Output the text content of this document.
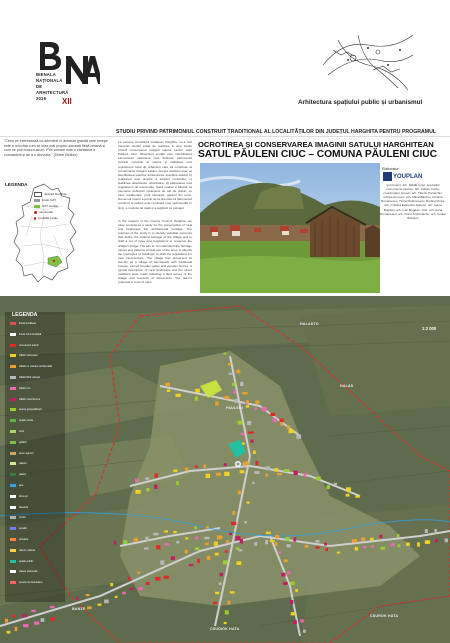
BIENALA
NAȚIONALĂ
DE
ARHITECTURĂ
2016	XII	Arhitectura spațiului public și urbanismul
STUDIU PRIVIND PATRIMONIUL CONSTRUIT TRADITIONAL AL LOCALITĂȚILOR DIN JUDEȚUL HARGHITA PENTRU PROGRAMUL
"Ceea ce interesează cu-adevărat în aceasta grandă care începe este a reînvăța cum se crea mai propriu această ființă umană și cum ne poți bucura acum. Prin urmare este o chestiune a cunoașterii și de a o dezvolta." (Dieter Bellido)
LEGENDA
Județul Harghita
limite UAT
UAT studiat
sat studiat
localități rurale
La cererea Consiliului Județean Harghita, ne-a fost transmis studiul inițial de realizare a unui studiu privind conservarea imaginii satelor pentru satul Păuleni Ciuc. Obiectivul lucrării este identificarea elementelor valoroase care definesc patrimoniul cultural construit al satului și stabilirea unui regulament local de urbanism care să contribuie la conservarea imaginii satului. Scopul studiului este: a) identificarea valorilor arhitecturale specifice satului; b) realizarea unei analize a siturilor construite; c) stabilirea obiectivelor urbanistice; d) elaborarea unui regulament de intervenție. Satul studiat a păstrat ca elemente definitorii caracterul de sat de plaiuri, cu case tradiționale, porți secuiești, garduri din lemn. Demersul nostru a pornit de la premisa că patrimoniul construit al satului este rezultatul unei sedimentări în timp, a modului de viață și a legăturii cu peisajul.
In the request of the County Council Harghita, we have considered a study for the preservation of rural and landscape the architectural heritage. The purpose of the study is to identify valuable elements that define the cultural heritage of the village and to draft a set of rules and regulations to conserve the village's image. The aim is: to understand the heritage values and patterns of land-use of the area; to identify the typologies of buildings; to draft the regulations for new interventions. The village has preserved its identity as a village of farmsteads with traditional houses, carved wooden gates and wooden fences. A typical description of rural landscape and the street traditions were made following a field survey of the village and research of documents. The team's proposal is a set of rules.
OCROTIREA ȘI CONSERVAREA IMAGINII SATULUI HARGHITEAN
SATUL PĂULENI CIUC – COMUNA PĂULENI CIUC
Elaborator:
YOUPLAN
şef proiect: arh. Mădăr Ionel; specialist monumente istorice: arh. Adrian Corbu; coordonator proiect: arh. Tiberiu Paraschiv; echipa de lucru: arh. Mihai Bătrînu, Cristina Romanescu, Horia Moldoveanu, Rodica Moțoi, arh. Cristina Ecaterina Stanciu, urb. Ioana Bogdan, arh. Ivan Bogdan, stud. arh. Anna Romanescu, arh. Dorin Andronache; arh. Andrei Bolcanu
LEGENDA
limita localitate
limita zona studiată
monument istoric
clădiri valoroase
clădiri cu valoare ambientală
clădiri fără valoare
clădiri noi
clădiri neconforme
anexe gospodărești
spațiu verde
curți
grădini
teren agricol
pășuni
păduri
ape
drumuri
biserică
cimitir
școală
primărie
cămin cultural
spațiu public
trasee pietonale
puncte de belvedere
1:2 000
HALASTO
PAULENI
CSUDIOK HATA
CSUROK HATA
BANZE
HALAS
